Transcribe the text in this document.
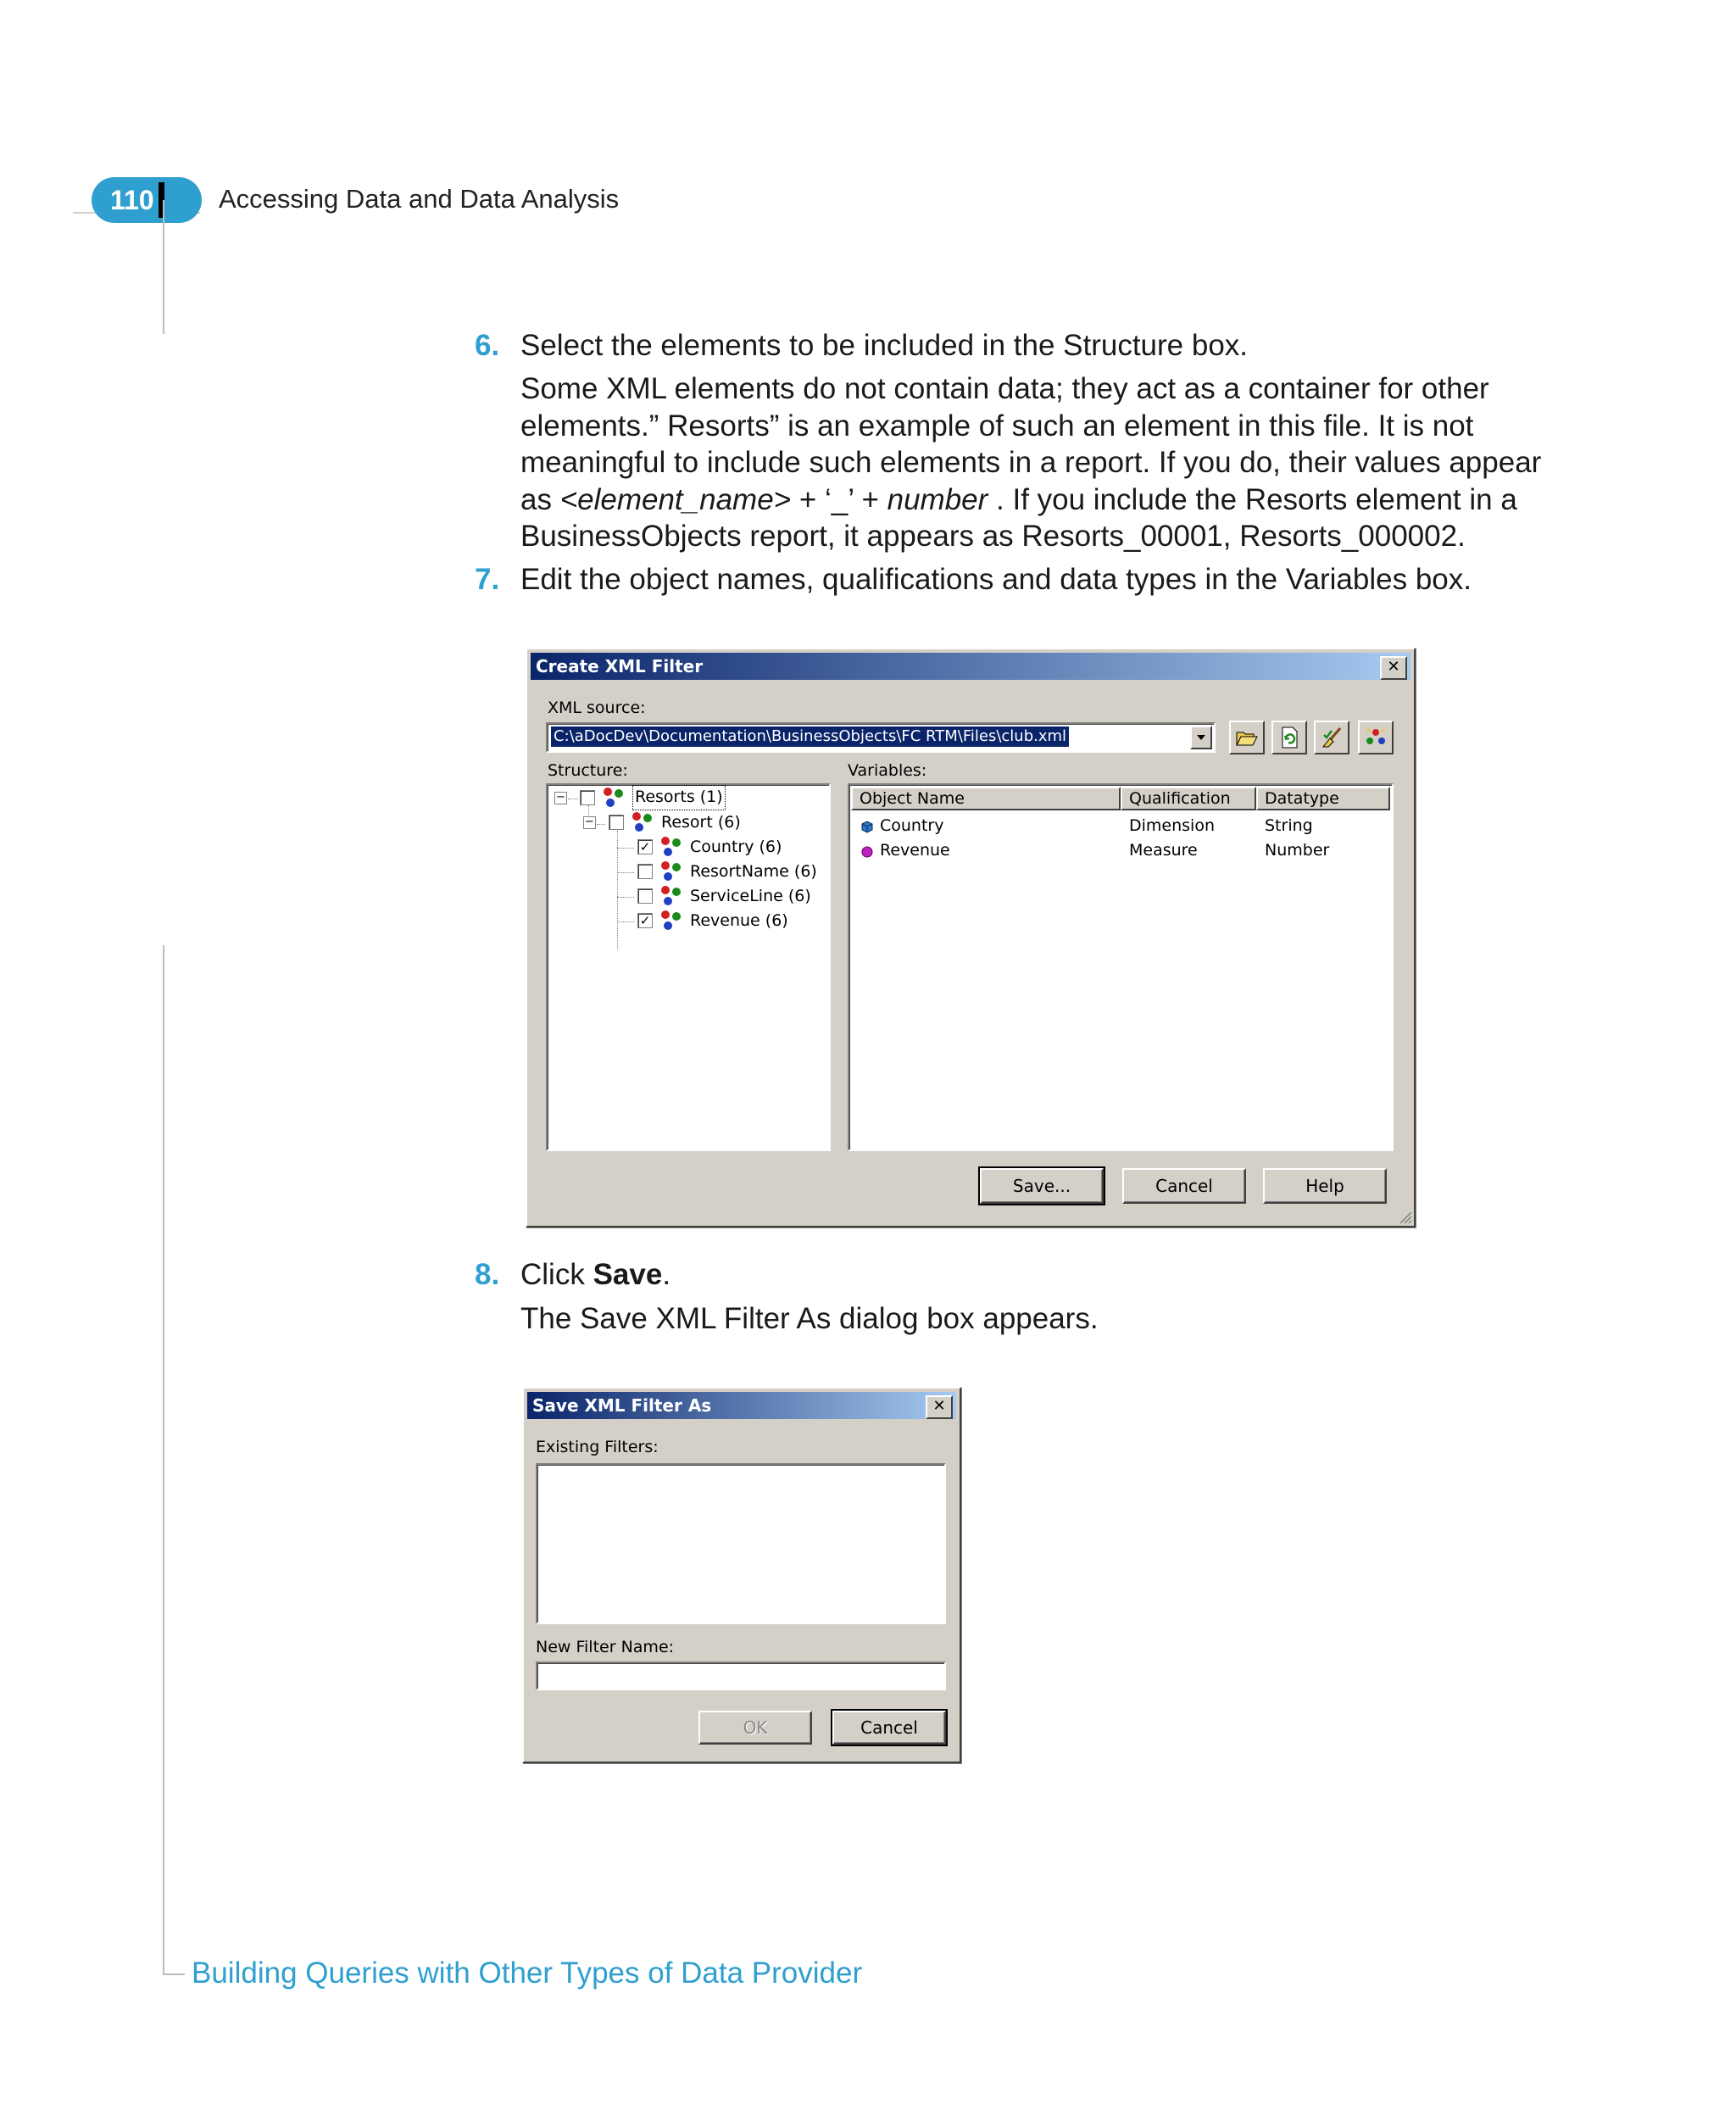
110	Accessing Data and Data Analysis
6. Select the elements to be included in the Structure box.

Some XML elements do not contain data; they act as a container for other elements.” Resorts” is an example of such an element in this file. It is not meaningful to include such elements in a report. If you do, their values appear as <element_name> + ‘_’ + number . If you include the Resorts element in a BusinessObjects report, it appears as Resorts_00001, Resorts_000002.

7. Edit the object names, qualifications and data types in the Variables box.
Create XML Filter	✕
XML source:
C:\aDocDev\Documentation\BusinessObjects\FC RTM\Files\club.xml
Structure:	Variables:
−	Resorts (1)
−	Resort (6)
✓ Country (6)
ResortName (6)
ServiceLine (6)
✓ Revenue (6)
Object Name	Qualification	Datatype
Country	Dimension	String
Revenue	Measure	Number
Save...	Cancel	Help
8. Click Save.
The Save XML Filter As dialog box appears.
Save XML Filter As	✕
Existing Filters:
New Filter Name:
OK	Cancel
Building Queries with Other Types of Data Provider
